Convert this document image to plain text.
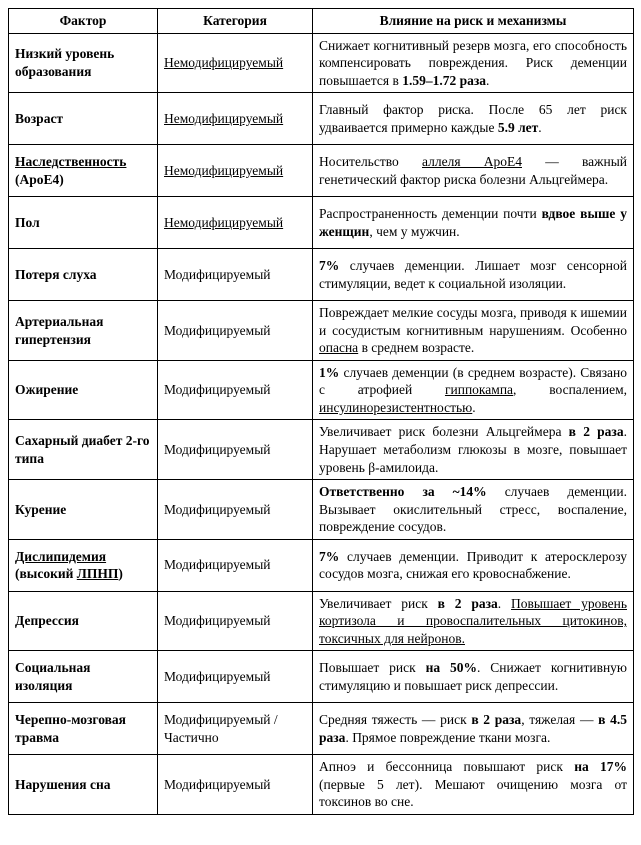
Фактор	Категория	Влияние на риск и механизмы
Низкий уровень образования	Немодифицируемый	Снижает когнитивный резерв мозга, его способность компенсировать повреждения. Риск деменции повышается в 1.59–1.72 раза.
Возраст	Немодифицируемый	Главный фактор риска. После 65 лет риск удваивается примерно каждые 5.9 лет.
Наследственность (ApoE4)	Немодифицируемый	Носительство аллеля ApoE4 — важный генетический фактор риска болезни Альцгеймера.
Пол	Немодифицируемый	Распространенность деменции почти вдвое выше у женщин, чем у мужчин.
Потеря слуха	Модифицируемый	7% случаев деменции. Лишает мозг сенсорной стимуляции, ведет к социальной изоляции.
Артериальная гипертензия	Модифицируемый	Повреждает мелкие сосуды мозга, приводя к ишемии и сосудистым когнитивным нарушениям. Особенно опасна в среднем возрасте.
Ожирение	Модифицируемый	1% случаев деменции (в среднем возрасте). Связано с атрофией гиппокампа, воспалением, инсулинорезистентностью.
Сахарный диабет 2-го типа	Модифицируемый	Увеличивает риск болезни Альцгеймера в 2 раза. Нарушает метаболизм глюкозы в мозге, повышает уровень β-амилоида.
Курение	Модифицируемый	Ответственно за ~14% случаев деменции. Вызывает окислительный стресс, воспаление, повреждение сосудов.
Дислипидемия (высокий ЛПНП)	Модифицируемый	7% случаев деменции. Приводит к атеросклерозу сосудов мозга, снижая его кровоснабжение.
Депрессия	Модифицируемый	Увеличивает риск в 2 раза. Повышает уровень кортизола и провоспалительных цитокинов, токсичных для нейронов.
Социальная изоляция	Модифицируемый	Повышает риск на 50%. Снижает когнитивную стимуляцию и повышает риск депрессии.
Черепно-мозговая травма	Модифицируемый /Частично	Средняя тяжесть — риск в 2 раза, тяжелая — в 4.5 раза. Прямое повреждение ткани мозга.
Нарушения сна	Модифицируемый	Апноэ и бессонница повышают риск на 17% (первые 5 лет). Мешают очищению мозга от токсинов во сне.
